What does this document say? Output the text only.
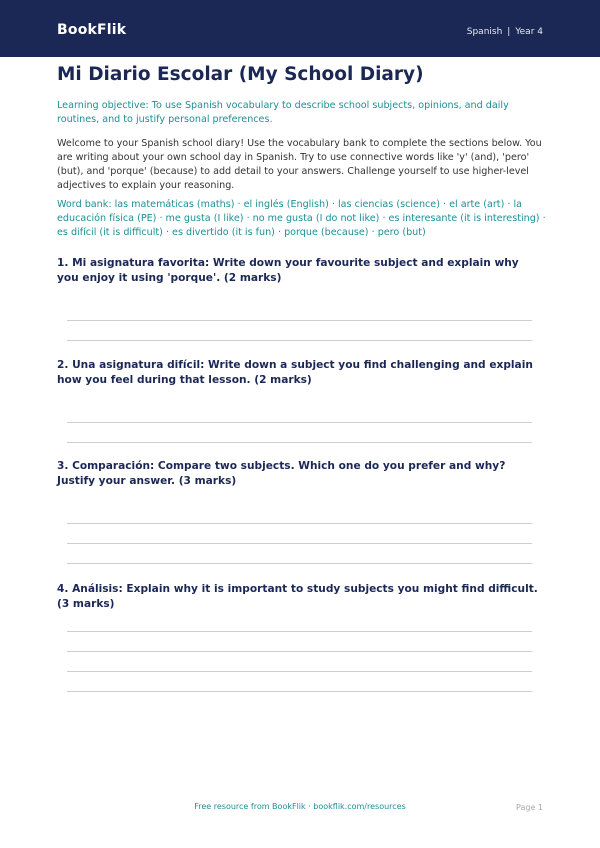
BookFlik	Spanish | Year 4
Mi Diario Escolar (My School Diary)

Learning objective: To use Spanish vocabulary to describe school subjects, opinions, and daily routines, and to justify personal preferences.

Welcome to your Spanish school diary! Use the vocabulary bank to complete the sections below. You are writing about your own school day in Spanish. Try to use connective words like 'y' (and), 'pero' (but), and 'porque' (because) to add detail to your answers. Challenge yourself to use higher-level adjectives to explain your reasoning.

Word bank: las matemáticas (maths) · el inglés (English) · las ciencias (science) · el arte (art) · la educación física (PE) · me gusta (I like) · no me gusta (I do not like) · es interesante (it is interesting) · es difícil (it is difficult) · es divertido (it is fun) · porque (because) · pero (but)

1. Mi asignatura favorita: Write down your favourite subject and explain why you enjoy it using 'porque'. (2 marks)

2. Una asignatura difícil: Write down a subject you find challenging and explain how you feel during that lesson. (2 marks)

3. Comparación: Compare two subjects. Which one do you prefer and why? Justify your answer. (3 marks)

4. Análisis: Explain why it is important to study subjects you might find difficult. (3 marks)

Free resource from BookFlik · bookflik.com/resources	Page 1
